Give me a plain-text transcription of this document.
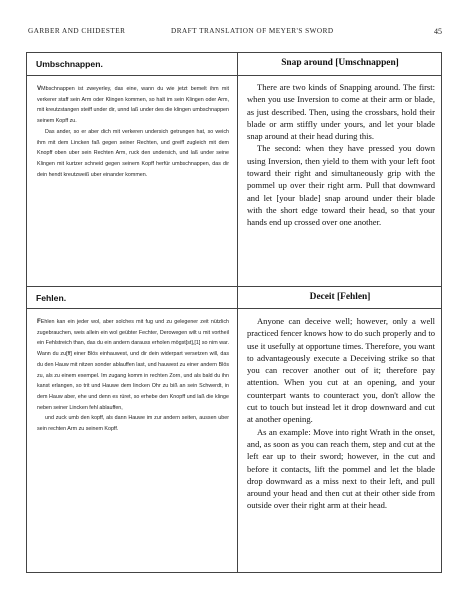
GARBER AND CHIDESTER	DRAFT TRANSLATION OF MEYER'S SWORD	45
Umbschnappen.	Snap around [Umschnappen]

VMbschnappen ist zweyerley, das eine, wann du wie jetzt bemelt ihm mit verkerer staff sein Arm oder Klingen kommen, so halt im sein Klingen oder Arm, mit kreutzstangen steiff under dir, unnd laß under des die klingen umbschnappen seinem Kopff zu.

Das ander, so er aber dich mit verkeren undersich getrungen hat, so weich ihm mit dem Lincken faß gegen seiner Rechten, und greiff zugleich mit dem Knopff oben uber sein Rechten Arm, ruck den undersich, und laß under seine Klingen mit kurtzer schneid gegen seinem Kopff herfür umbschnappen, das dir dein hendt kreutzweiß uber einander kommen.

There are two kinds of Snapping around. The first: when you use Inversion to come at their arm or blade, as just described. Then, using the crossbars, hold their blade or arm stiffly under yours, and let your blade snap around at their head during this.

The second: when they have pressed you down using Inversion, then yield to them with your left foot toward their right and simultaneously grip with the pommel up over their right arm. Pull that downward and let [your blade] snap around under their blade with the short edge toward their head, so that your hands end up crossed over one another.

Fehlen.	Deceit [Fehlen]

FEhlen kan ein jeder wol, aber solches mit fug und zu gelegener zeit nützlich zugebrauchen, weis allein ein wol geübter Fechter, Derowegen wilt u mit vortheil ein Fehlstreich than, das du ein andern darauss erholen mögst[st],[1] so nim war. Wann du zu[ff] einer Blös einhauwest, und dir dein widerpart versetzen will, das du den Hauw mit nitzen sonder ablauffen last, und hauwest zu einer andern Blös zu, als zu einem exempel. Im zugang komm in rechten Zorn, und als bald du ihn kanst erlangen, so trit und Hauwe dem lincken Ohr zu biß an sein Schwerdt, in dem Hauw aber, ehe und denn es rüret, so erhebe den Knopff und laß die klinge neben seiner Lincken fehl ablauffen,

und zuck umb den kopff, als dann Hauwe im zur andern seiten, aussen uber sein rechten Arm zu seinem Kopff.

Anyone can deceive well; however, only a well practiced fencer knows how to do such properly and to use it usefully at opportune times. Therefore, you want to advantageously execute a Deceiving strike so that you can recover another out of it; therefore pay attention. When you cut at an opening, and your counterpart wants to counteract you, don't allow the cut to touch but instead let it drop downward and cut at another opening.

As an example: Move into right Wrath in the onset, and, as soon as you can reach them, step and cut at the left ear up to their sword; however, in the cut and before it contacts, lift the pommel and let the blade drop downward as a miss next to their left, and pull around your head and then cut at their other side from outside over their right arm at their head.
